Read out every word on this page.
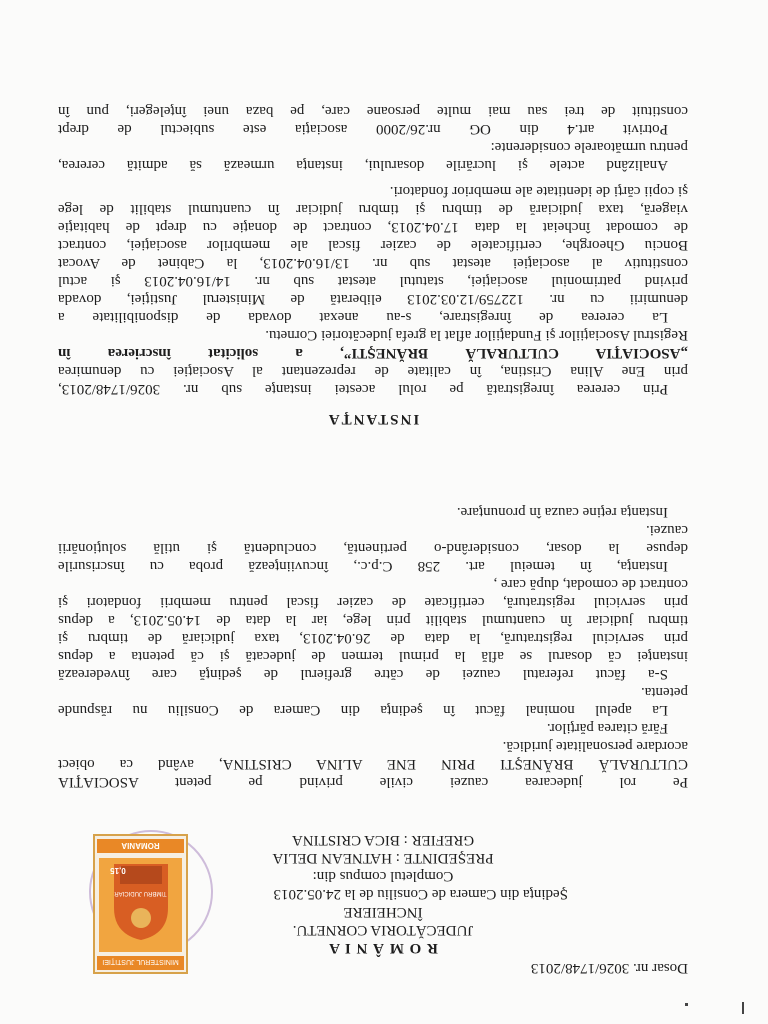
Dosar nr. 3026/1748/2013
R O M Â N I A
JUDECĂTORIA CORNETU.
ÎNCHEIERE
Şedinţa din Camera de Consiliu de la 24.05.2013
Completul compus din:
PREŞEDINTE : HATNEAN DELIA
GREFIER : BICA CRISTINA
MINISTERUL JUSTIŢIEI
TIMBRU JUDICIAR
0,15
ROMANIA
Pe rol judecarea cauzei civile privind pe petent ASOCIAŢIA
CULTURALĂ BRĂNEŞTI PRIN ENE ALINA CRISTINA, având ca obiect
acordare personalitate juridică.
Fără citarea părţilor.
La apelul nominal făcut în şedinţa din Camera de Consiliu nu răspunde
petenta.
S-a făcut referatul cauzei de către grefierul de şedinţă care învederează
instanţei că dosarul se află la primul termen de judecată şi că petenta a depus
prin serviciul registratură, la data de 26.04.2013, taxa judiciară de timbru şi
timbru judiciar în cuantumul stabilit prin lege, iar la data de 14.05.2013, a depus
prin serviciul registratură, certificate de cazier fiscal pentru membrii fondatori şi
contract de comodat, după care ,
Instanţa, în temeiul art. 258 C.p.c., încuviinţează proba cu înscrisurile
depuse la dosar, considerând-o pertinentă, concludentă şi utilă soluţionării
cauzei.
Instanţa reţine cauza în pronunţare.
INSTANŢA
Prin cererea înregistrată pe rolul acestei instanţe sub nr. 3026/1748/2013,
prin Ene Alina Cristina, în calitate de reprezentant al Asociaţiei cu denumirea
„ASOCIAŢIA CULTURALĂ BRĂNEŞTI”, a solicitat înscrierea în
Registrul Asociaţiilor şi Fundaţiilor aflat la grefa judecătoriei Cornetu.
La cererea de înregistrare, s-au anexat dovada de disponibilitate a
denumirii cu nr. 122759/12.03.2013 eliberată de Ministerul Justiţiei, dovada
privind patrimoniul asociaţiei, statutul atestat sub nr. 14/16.04.2013 şi actul
constitutiv al asociaţiei atestat sub nr. 13/16.04.2013, la Cabinet de Avocat
Bonciu Gheorghe, certificatele de cazier fiscal ale membrilor asociaţiei, contract
de comodat încheiat la data 17.04.2013, contract de donaţie cu drept de habitaţie
viageră, taxa judiciară de timbru şi timbru judiciar în cuantumul stabilit de lege
şi copii cărţi de identitate ale membrior fondatori.
Analizând actele şi lucrările dosarului, instanţa urmează să admită cererea,
pentru următoarele considerente:
Potrivit art.4 din OG nr.26/2000 asociaţia este subiectul de drept
constituit de trei sau mai multe persoane care, pe baza unei înţelegeri, pun în
